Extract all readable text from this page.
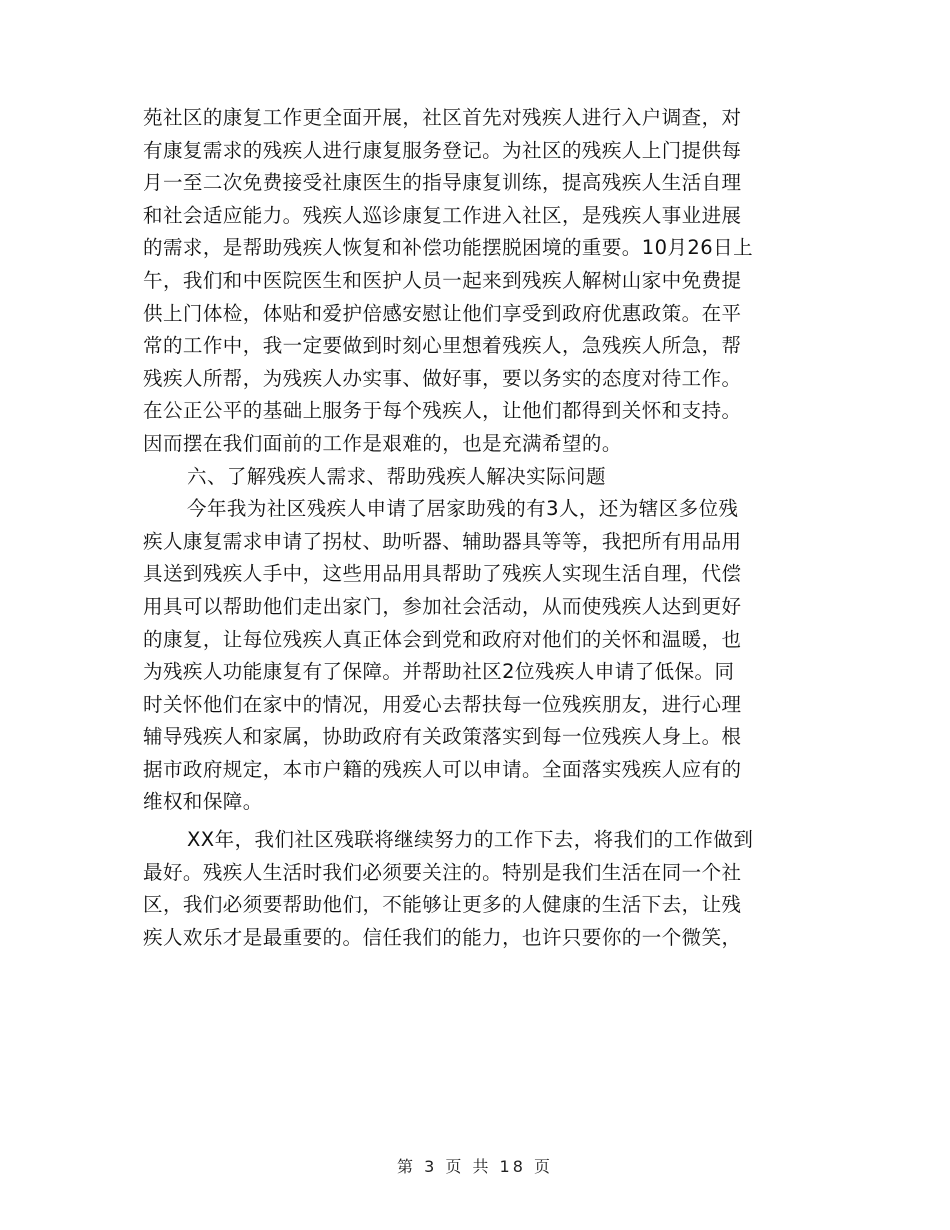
苑社区的康复工作更全面开展，社区首先对残疾人进行入户调查，对
有康复需求的残疾人进行康复服务登记。为社区的残疾人上门提供每
月一至二次免费接受社康医生的指导康复训练，提高残疾人生活自理
和社会适应能力。残疾人巡诊康复工作进入社区，是残疾人事业进展
的需求，是帮助残疾人恢复和补偿功能摆脱困境的重要。10月26日上
午，我们和中医院医生和医护人员一起来到残疾人解树山家中免费提
供上门体检，体贴和爱护倍感安慰让他们享受到政府优惠政策。在平
常的工作中，我一定要做到时刻心里想着残疾人，急残疾人所急，帮
残疾人所帮，为残疾人办实事、做好事，要以务实的态度对待工作。
在公正公平的基础上服务于每个残疾人，让他们都得到关怀和支持。
因而摆在我们面前的工作是艰难的，也是充满希望的。
六、了解残疾人需求、帮助残疾人解决实际问题
今年我为社区残疾人申请了居家助残的有3人，还为辖区多位残
疾人康复需求申请了拐杖、助听器、辅助器具等等，我把所有用品用
具送到残疾人手中，这些用品用具帮助了残疾人实现生活自理，代偿
用具可以帮助他们走出家门，参加社会活动，从而使残疾人达到更好
的康复，让每位残疾人真正体会到党和政府对他们的关怀和温暖，也
为残疾人功能康复有了保障。并帮助社区2位残疾人申请了低保。同
时关怀他们在家中的情况，用爱心去帮扶每一位残疾朋友，进行心理
辅导残疾人和家属，协助政府有关政策落实到每一位残疾人身上。根
据市政府规定，本市户籍的残疾人可以申请。全面落实残疾人应有的
维权和保障。
XX年，我们社区残联将继续努力的工作下去，将我们的工作做到
最好。残疾人生活时我们必须要关注的。特别是我们生活在同一个社
区，我们必须要帮助他们，不能够让更多的人健康的生活下去，让残
疾人欢乐才是最重要的。信任我们的能力，也许只要你的一个微笑，
第 3 页 共 18 页
